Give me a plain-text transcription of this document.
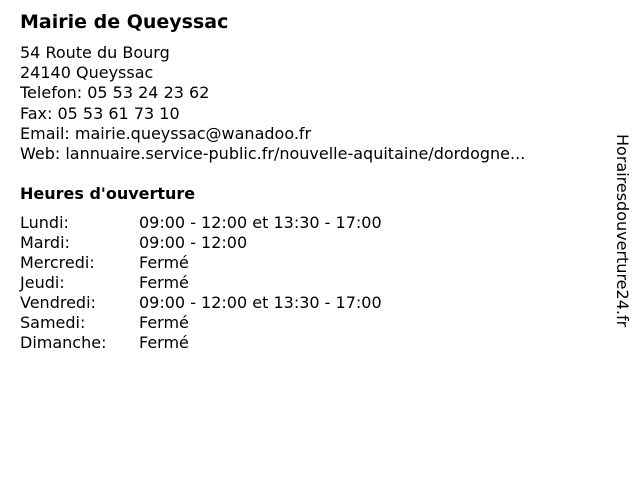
Mairie de Queyssac
54 Route du Bourg
24140 Queyssac
Telefon: 05 53 24 23 62
Fax: 05 53 61 73 10
Email: mairie.queyssac@wanadoo.fr
Web: lannuaire.service-public.fr/nouvelle-aquitaine/dordogne...
Heures d'ouverture
Lundi:	09:00 - 12:00 et 13:30 - 17:00
Mardi:	09:00 - 12:00
Mercredi:	Fermé
Jeudi:	Fermé
Vendredi:	09:00 - 12:00 et 13:30 - 17:00
Samedi:	Fermé
Dimanche:	Fermé
Horairesdouverture24.fr
